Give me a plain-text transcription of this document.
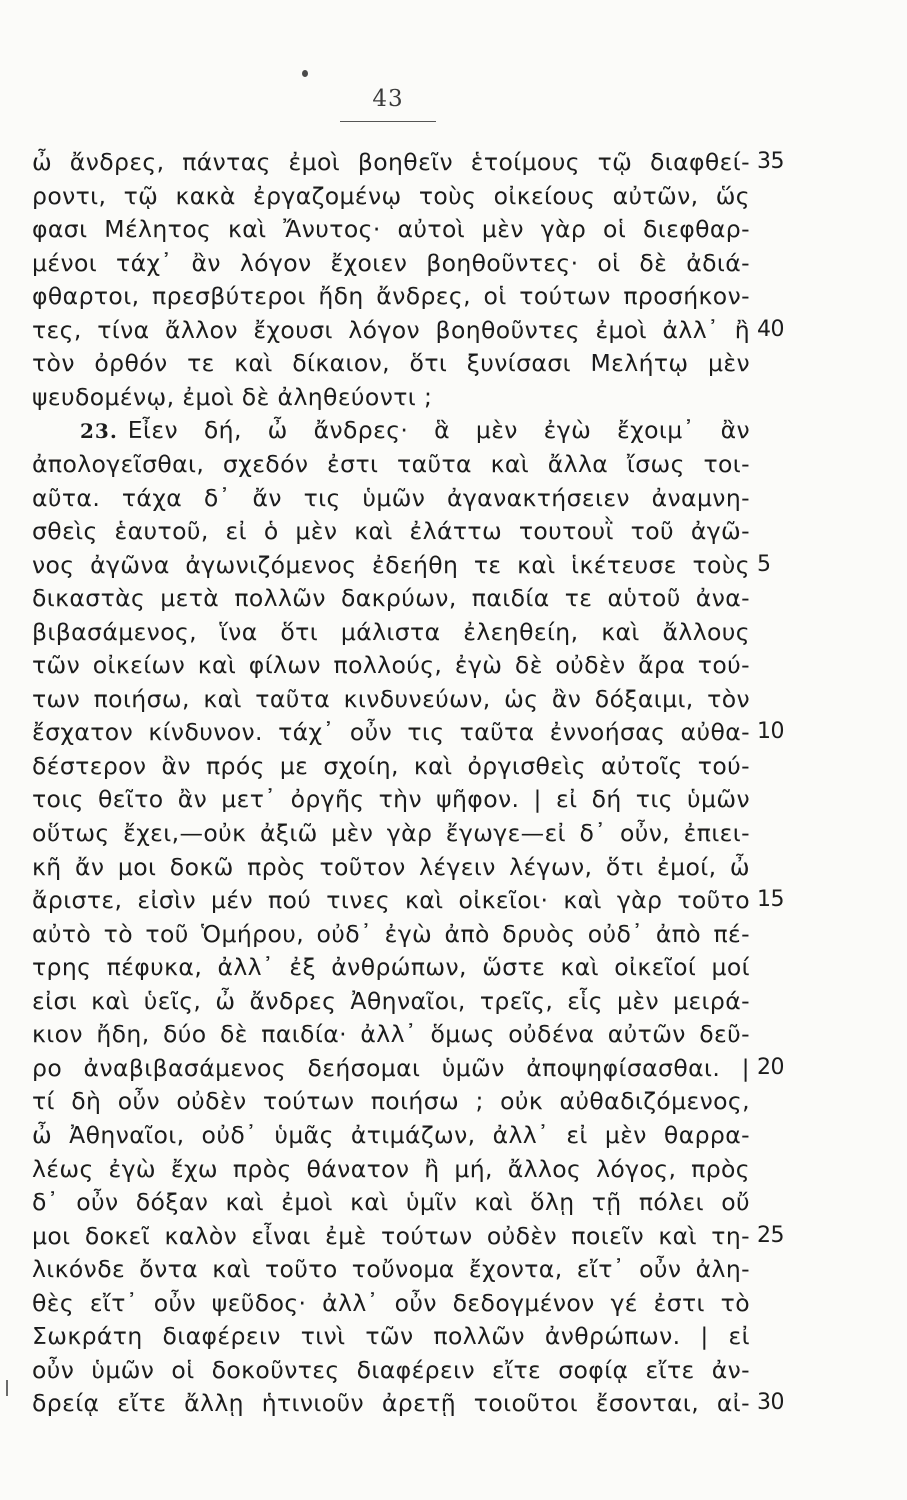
43
ὦ ἄνδρες, πάντας ἐμοὶ βοηθεῖν ἑτοίμους τῷ διαφθεί- 35
ροντι, τῷ κακὰ ἐργαζομένῳ τοὺς οἰκείους αὐτῶν, ὥς
φασι Μέλητος καὶ Ἄνυτος· αὐτοὶ μὲν γὰρ οἱ διεφθαρ-
μένοι τάχ᾿ ἂν λόγον ἔχοιεν βοηθοῦντες· οἱ δὲ ἀδιά-
φθαρτοι, πρεσβύτεροι ἤδη ἄνδρες, οἱ τούτων προσήκον-
τες, τίνα ἄλλον ἔχουσι λόγον βοηθοῦντες ἐμοὶ ἀλλ᾿ ἢ 40
τὸν ὀρθόν τε καὶ δίκαιον, ὅτι ξυνίσασι Μελήτῳ μὲν
ψευδομένῳ, ἐμοὶ δὲ ἀληθεύοντι ;
23. Εἶεν δή, ὦ ἄνδρες· ἃ μὲν ἐγὼ ἔχοιμ᾿ ἂν
ἀπολογεῖσθαι, σχεδόν ἐστι ταῦτα καὶ ἄλλα ἴσως τοι-
αῦτα. τάχα δ᾿ ἄν τις ὑμῶν ἀγανακτήσειεν ἀναμνη-
σθεὶς ἑαυτοῦ, εἰ ὁ μὲν καὶ ἐλάττω τουτουῒ τοῦ ἀγῶ-
νος ἀγῶνα ἀγωνιζόμενος ἐδεήθη τε καὶ ἱκέτευσε τοὺς 5
δικαστὰς μετὰ πολλῶν δακρύων, παιδία τε αὑτοῦ ἀνα-
βιβασάμενος, ἵνα ὅτι μάλιστα ἐλεηθείη, καὶ ἄλλους
τῶν οἰκείων καὶ φίλων πολλούς, ἐγὼ δὲ οὐδὲν ἄρα τού-
των ποιήσω, καὶ ταῦτα κινδυνεύων, ὡς ἂν δόξαιμι, τὸν
ἔσχατον κίνδυνον. τάχ᾿ οὖν τις ταῦτα ἐννοήσας αὐθα- 10
δέστερον ἂν πρός με σχοίη, καὶ ὀργισθεὶς αὐτοῖς τού-
τοις θεῖτο ἂν μετ᾿ ὀργῆς τὴν ψῆφον. | εἰ δή τις ὑμῶν
οὕτως ἔχει,—οὐκ ἀξιῶ μὲν γὰρ ἔγωγε—εἰ δ᾿ οὖν, ἐπιει-
κῆ ἄν μοι δοκῶ πρὸς τοῦτον λέγειν λέγων, ὅτι ἐμοί, ὦ
ἄριστε, εἰσὶν μέν πού τινες καὶ οἰκεῖοι· καὶ γὰρ τοῦτο 15
αὐτὸ τὸ τοῦ Ὁμήρου, οὐδ᾿ ἐγὼ ἀπὸ δρυὸς οὐδ᾿ ἀπὸ πέ-
τρης πέφυκα, ἀλλ᾿ ἐξ ἀνθρώπων, ὥστε καὶ οἰκεῖοί μοί
εἰσι καὶ ὑεῖς, ὦ ἄνδρες Ἀθηναῖοι, τρεῖς, εἷς μὲν μειρά-
κιον ἤδη, δύο δὲ παιδία· ἀλλ᾿ ὅμως οὐδένα αὐτῶν δεῦ-
ρο ἀναβιβασάμενος δεήσομαι ὑμῶν ἀποψηφίσασθαι. | 20
τί δὴ οὖν οὐδὲν τούτων ποιήσω ; οὐκ αὐθαδιζόμενος,
ὦ Ἀθηναῖοι, οὐδ᾿ ὑμᾶς ἀτιμάζων, ἀλλ᾿ εἰ μὲν θαρρα-
λέως ἐγὼ ἔχω πρὸς θάνατον ἢ μή, ἄλλος λόγος, πρὸς
δ᾿ οὖν δόξαν καὶ ἐμοὶ καὶ ὑμῖν καὶ ὅλῃ τῇ πόλει οὔ
μοι δοκεῖ καλὸν εἶναι ἐμὲ τούτων οὐδὲν ποιεῖν καὶ τη- 25
λικόνδε ὄντα καὶ τοῦτο τοὔνομα ἔχοντα, εἴτ᾿ οὖν ἀλη-
θὲς εἴτ᾿ οὖν ψεῦδος· ἀλλ᾿ οὖν δεδογμένον γέ ἐστι τὸ
Σωκράτη διαφέρειν τινὶ τῶν πολλῶν ἀνθρώπων. | εἰ
οὖν ὑμῶν οἱ δοκοῦντες διαφέρειν εἴτε σοφίᾳ εἴτε ἀν-
δρείᾳ εἴτε ἄλλῃ ἡτινιοῦν ἀρετῇ τοιοῦτοι ἔσονται, αἰ- 30
